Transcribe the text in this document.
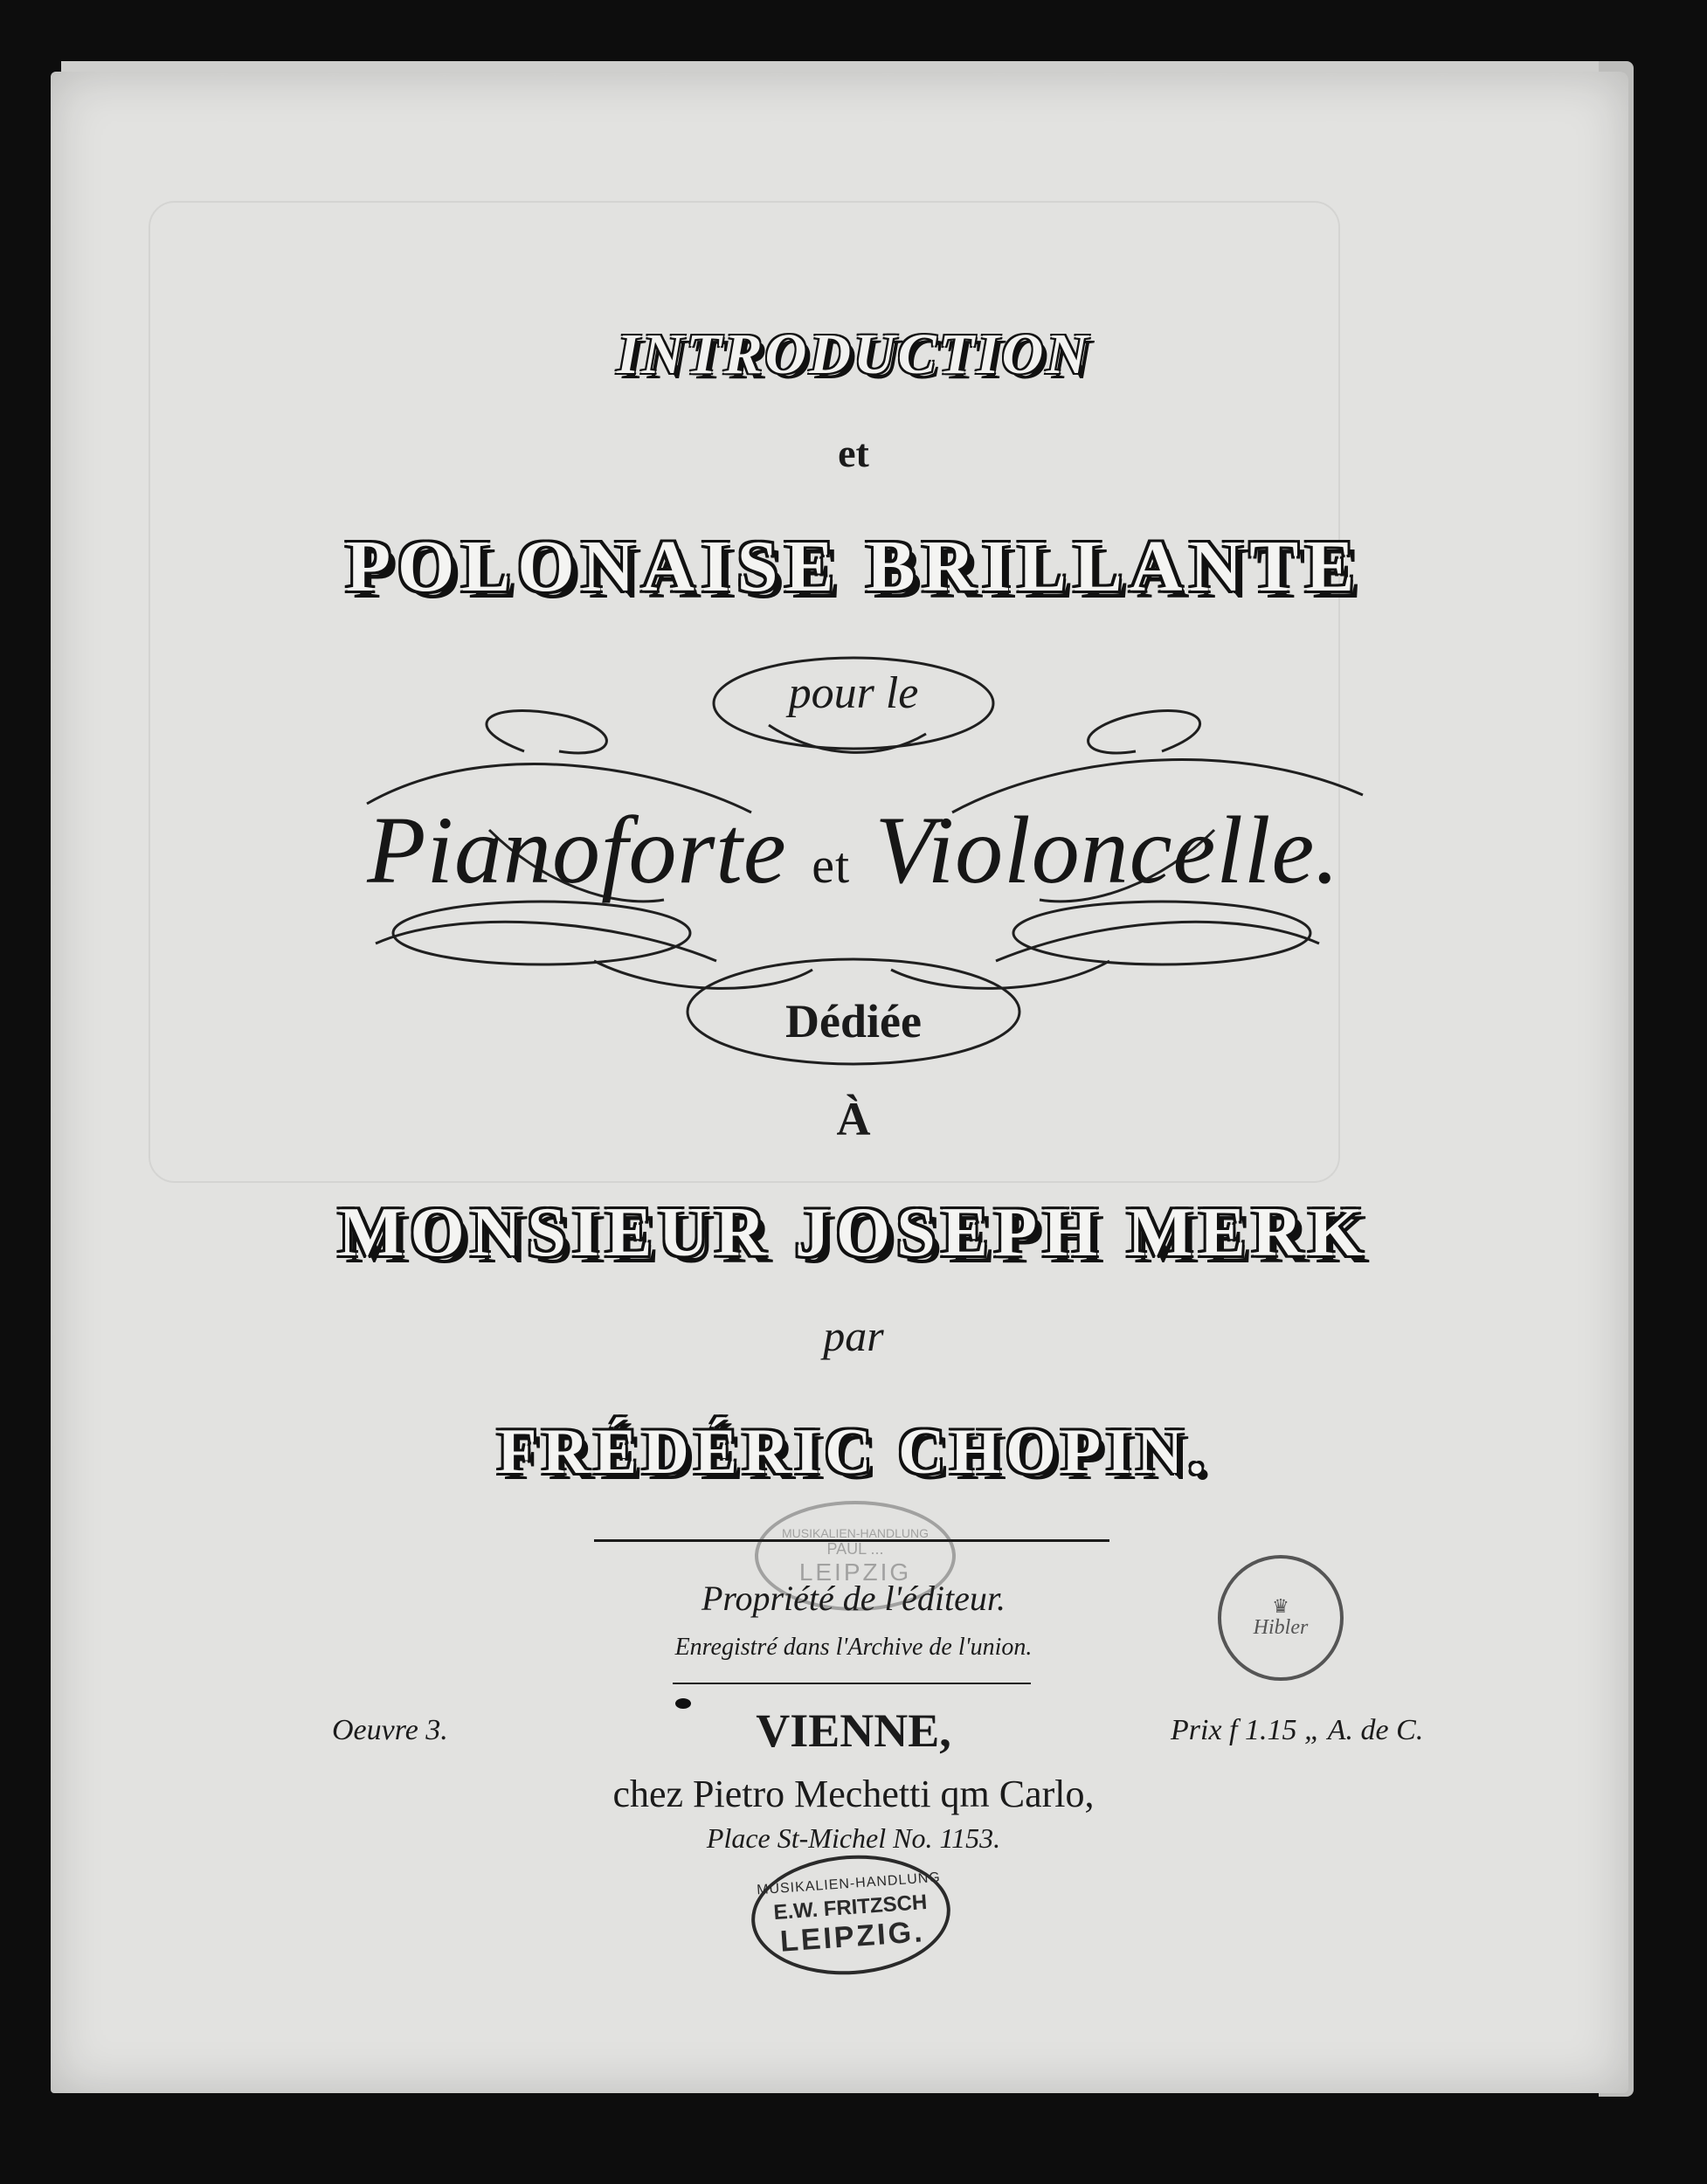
INTRODUCTION
et
POLONAISE BRILLANTE
pour le
Pianoforte et Violoncelle.
Dédiée
À
MONSIEUR JOSEPH MERK
par
FRÉDÉRIC CHOPIN.
Propriété de l'éditeur.
Enregistré dans l'Archive de l'union.
Oeuvre 3.	VIENNE,	Prix f 1.15 „ A. de C.
chez Pietro Mechetti qm Carlo,
Place St-Michel No. 1153.
MUSIKALIEN-HANDLUNG
PAUL ...
LEIPZIG
♛
Hibler
MUSIKALIEN-HANDLUNG
E.W. FRITZSCH
LEIPZIG.
